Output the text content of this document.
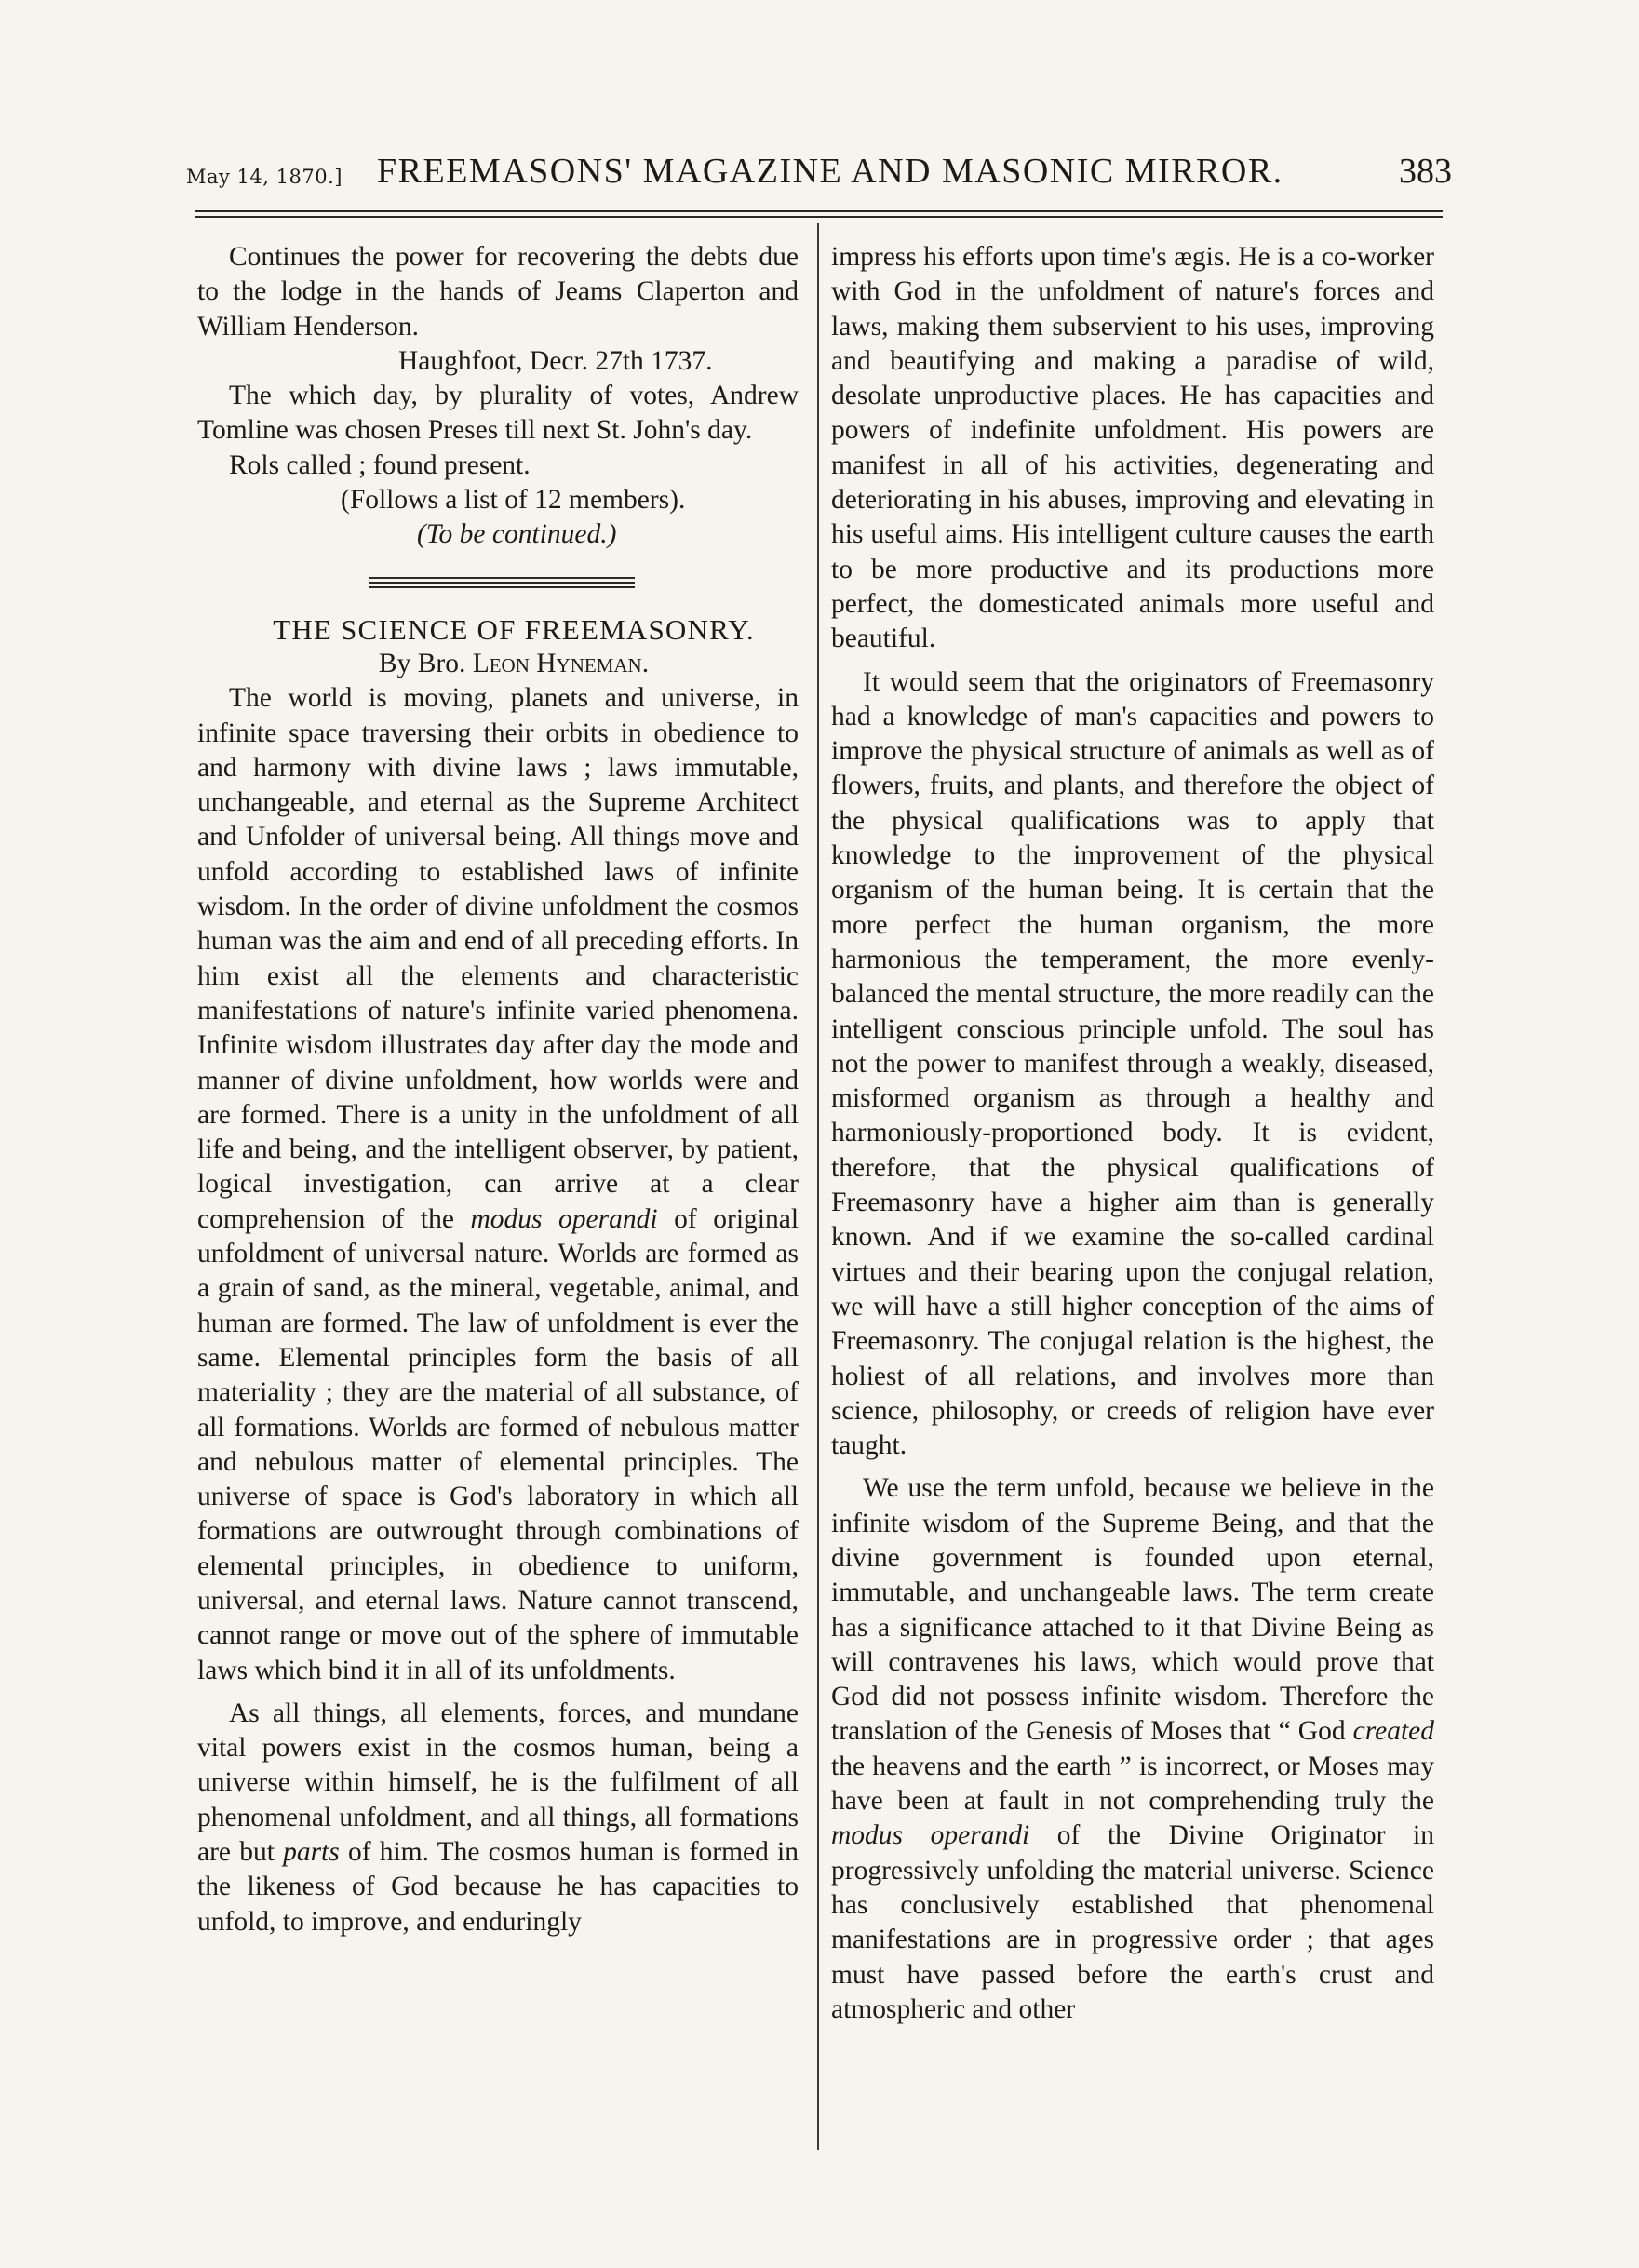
May 14, 1870.] FREEMASONS' MAGAZINE AND MASONIC MIRROR.	383

Continues the power for recovering the debts due to the lodge in the hands of Jeams Claperton and William Henderson.

Haughfoot, Decr. 27th 1737.

The which day, by plurality of votes, Andrew Tomline was chosen Preses till next St. John's day.

Rols called ; found present.

(Follows a list of 12 members).

(To be continued.)

THE SCIENCE OF FREEMASONRY.

By Bro. Leon Hyneman.

The world is moving, planets and universe, in infinite space traversing their orbits in obedience to and harmony with divine laws ; laws immutable, unchangeable, and eternal as the Supreme Architect and Unfolder of universal being. All things move and unfold according to established laws of infinite wisdom. In the order of divine unfoldment the cosmos human was the aim and end of all preceding efforts. In him exist all the elements and characteristic manifestations of nature's infinite varied phenomena. Infinite wisdom illustrates day after day the mode and manner of divine unfoldment, how worlds were and are formed. There is a unity in the unfoldment of all life and being, and the intelligent observer, by patient, logical investigation, can arrive at a clear comprehension of the modus operandi of original unfoldment of universal nature. Worlds are formed as a grain of sand, as the mineral, vegetable, animal, and human are formed. The law of unfoldment is ever the same. Elemental principles form the basis of all materiality ; they are the material of all substance, of all formations. Worlds are formed of nebulous matter and nebulous matter of elemental principles. The universe of space is God's laboratory in which all formations are outwrought through combinations of elemental principles, in obedience to uniform, universal, and eternal laws. Nature cannot transcend, cannot range or move out of the sphere of immutable laws which bind it in all of its unfoldments.

As all things, all elements, forces, and mundane vital powers exist in the cosmos human, being a universe within himself, he is the fulfilment of all phenomenal unfoldment, and all things, all formations are but parts of him. The cosmos human is formed in the likeness of God because he has capacities to unfold, to improve, and enduringly

impress his efforts upon time's ægis. He is a co-worker with God in the unfoldment of nature's forces and laws, making them subservient to his uses, improving and beautifying and making a paradise of wild, desolate unproductive places. He has capacities and powers of indefinite unfoldment. His powers are manifest in all of his activities, degenerating and deteriorating in his abuses, improving and elevating in his useful aims. His intelligent culture causes the earth to be more productive and its productions more perfect, the domesticated animals more useful and beautiful.

It would seem that the originators of Freemasonry had a knowledge of man's capacities and powers to improve the physical structure of animals as well as of flowers, fruits, and plants, and therefore the object of the physical qualifications was to apply that knowledge to the improvement of the physical organism of the human being. It is certain that the more perfect the human organism, the more harmonious the temperament, the more evenly-balanced the mental structure, the more readily can the intelligent conscious principle unfold. The soul has not the power to manifest through a weakly, diseased, misformed organism as through a healthy and harmoniously-proportioned body. It is evident, therefore, that the physical qualifications of Freemasonry have a higher aim than is generally known. And if we examine the so-called cardinal virtues and their bearing upon the conjugal relation, we will have a still higher conception of the aims of Freemasonry. The conjugal relation is the highest, the holiest of all relations, and involves more than science, philosophy, or creeds of religion have ever taught.

We use the term unfold, because we believe in the infinite wisdom of the Supreme Being, and that the divine government is founded upon eternal, immutable, and unchangeable laws. The term create has a significance attached to it that Divine Being as will contravenes his laws, which would prove that God did not possess infinite wisdom. Therefore the translation of the Genesis of Moses that “ God created the heavens and the earth ” is incorrect, or Moses may have been at fault in not comprehending truly the modus operandi of the Divine Originator in progressively unfolding the material universe. Science has conclusively established that phenomenal manifestations are in progressive order ; that ages must have passed before the earth's crust and atmospheric and other
